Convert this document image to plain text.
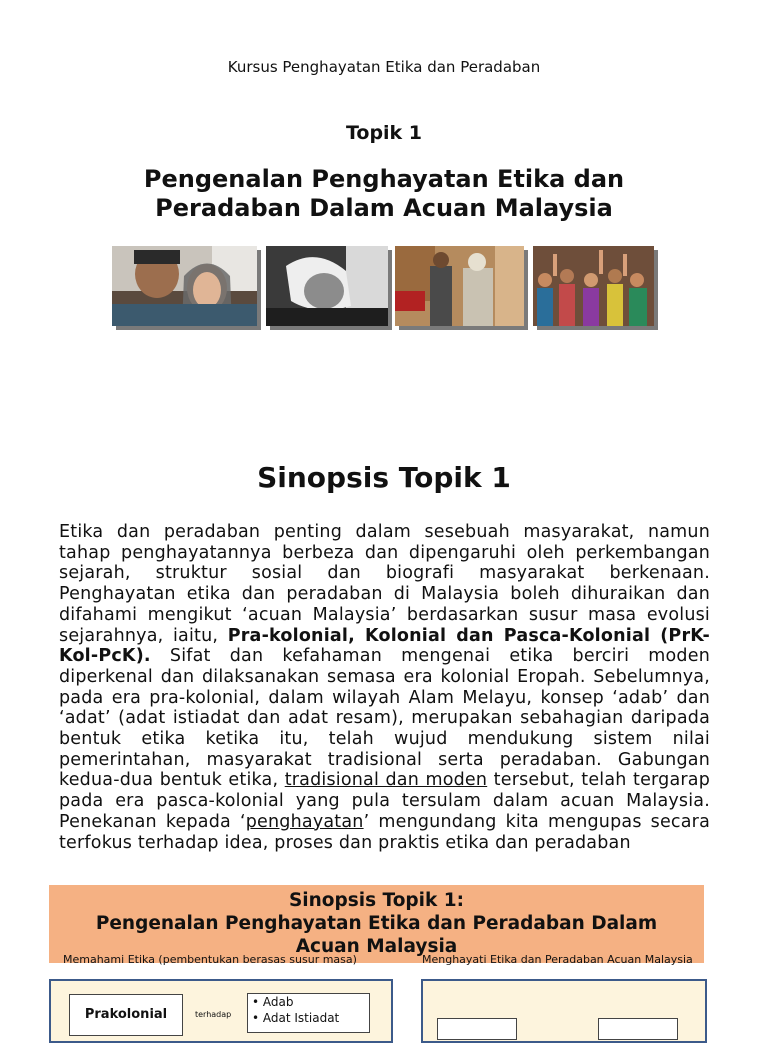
Kursus Penghayatan Etika dan Peradaban
Topik 1
Pengenalan Penghayatan Etika dan
Peradaban Dalam Acuan Malaysia
Sinopsis Topik 1
Etika dan peradaban penting dalam sesebuah masyarakat, namun tahap penghayatannya berbeza dan dipengaruhi oleh perkembangan sejarah, struktur sosial dan biografi masyarakat berkenaan. Penghayatan etika dan peradaban di Malaysia boleh dihuraikan dan difahami mengikut ‘acuan Malaysia’ berdasarkan susur masa evolusi sejarahnya, iaitu, Pra-kolonial, Kolonial dan Pasca-Kolonial (PrK-Kol-PcK). Sifat dan kefahaman mengenai etika berciri moden diperkenal dan dilaksanakan semasa era kolonial Eropah. Sebelumnya, pada era pra-kolonial, dalam wilayah Alam Melayu, konsep ‘adab’ dan ‘adat’ (adat istiadat dan adat resam), merupakan sebahagian daripada bentuk etika ketika itu, telah wujud mendukung sistem nilai pemerintahan, masyarakat tradisional serta peradaban. Gabungan kedua-dua bentuk etika, tradisional dan moden tersebut, telah tergarap pada era pasca-kolonial yang pula tersulam dalam acuan Malaysia. Penekanan kepada ‘penghayatan’ mengundang kita mengupas secara terfokus terhadap idea, proses dan praktis etika dan peradaban
Sinopsis Topik 1:
Pengenalan Penghayatan Etika dan Peradaban Dalam
Acuan Malaysia
Memahami Etika (pembentukan berasas susur masa)	Menghayati Etika dan Peradaban Acuan Malaysia
Prakolonial	terhadap
• Adab
• Adat Istiadat
